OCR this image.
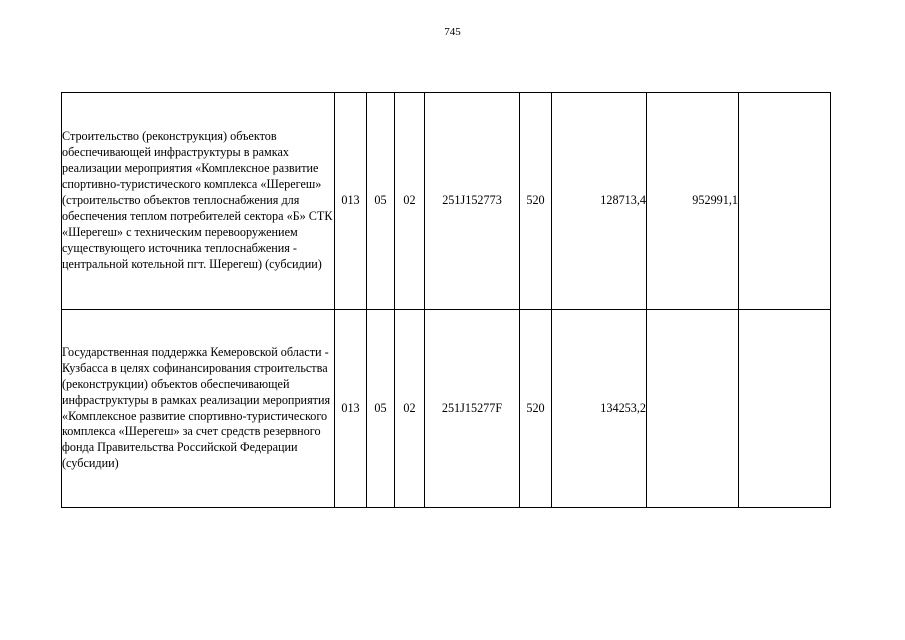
745
Строительство (реконструкция) объектов обеспечивающей инфраструктуры в рамках реализации мероприятия «Комплексное развитие спортивно-туристического комплекса «Шерегеш» (строительство объектов теплоснабжения для обеспечения теплом потребителей сектора «Б» СТК «Шерегеш» с техническим перевооружением существующего источника теплоснабжения - центральной котельной пгт. Шерегеш) (субсидии)	013	05	02	251J152773	520	128713,4	952991,1	
Государственная поддержка Кемеровской области - Кузбасса в целях софинансирования строительства (реконструкции) объектов обеспечивающей инфраструктуры в рамках реализации мероприятия «Комплексное развитие спортивно-туристического комплекса «Шерегеш» за счет средств резервного фонда Правительства Российской Федерации (субсидии)	013	05	02	251J15277F	520	134253,2		
